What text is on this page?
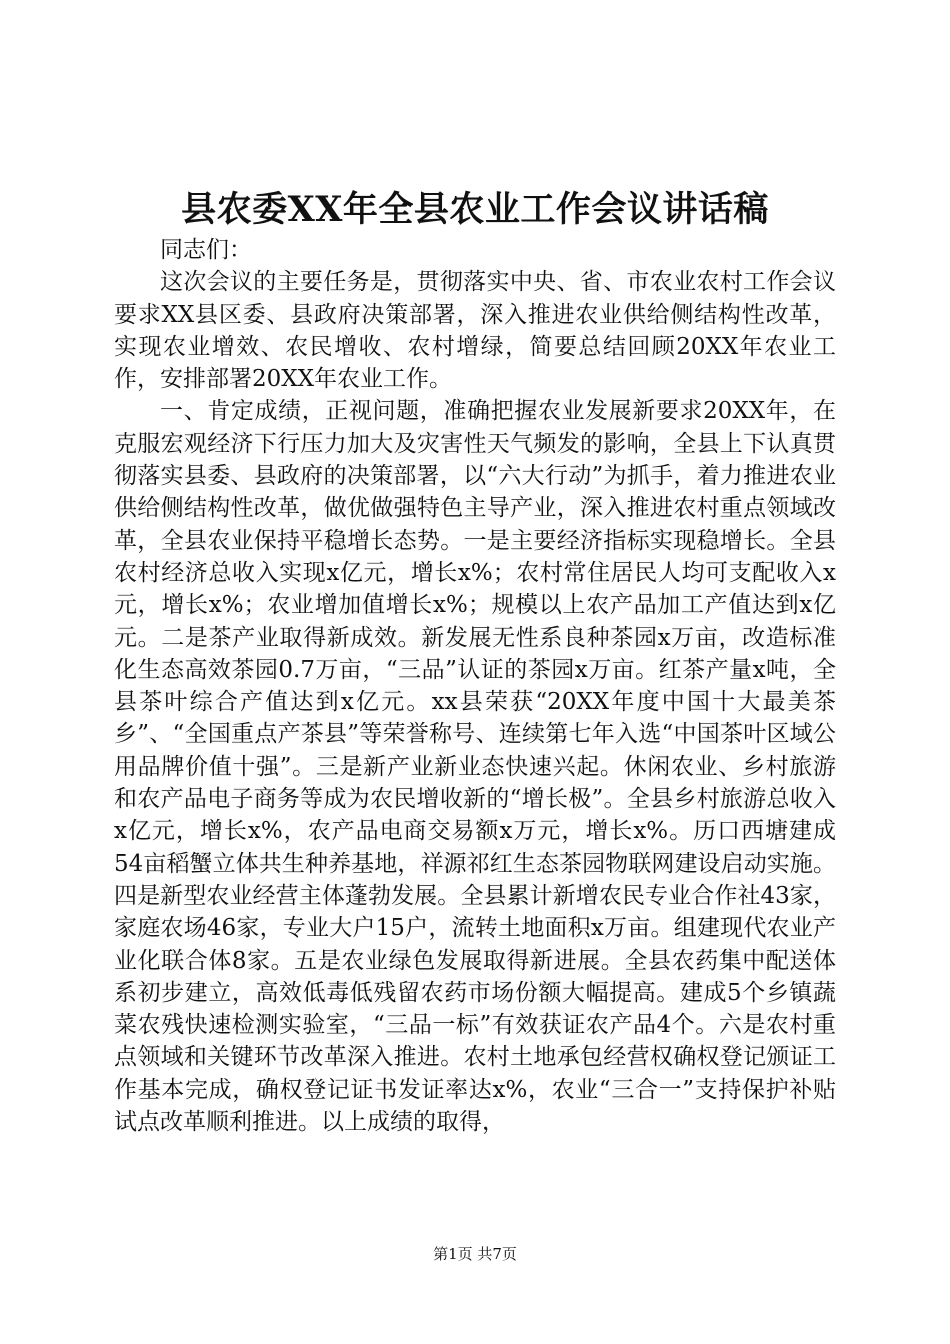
县农委XX年全县农业工作会议讲话稿

同志们：

这次会议的主要任务是，贯彻落实中央、省、市农业农村工作会议要求XX县区委、县政府决策部署，深入推进农业供给侧结构性改革，实现农业增效、农民增收、农村增绿，简要总结回顾20XX年农业工作，安排部署20XX年农业工作。

一、肯定成绩，正视问题，准确把握农业发展新要求20XX年，在克服宏观经济下行压力加大及灾害性天气频发的影响，全县上下认真贯彻落实县委、县政府的决策部署，以“六大行动”为抓手，着力推进农业供给侧结构性改革，做优做强特色主导产业，深入推进农村重点领域改革，全县农业保持平稳增长态势。一是主要经济指标实现稳增长。全县农村经济总收入实现x亿元，增长x%；农村常住居民人均可支配收入x元，增长x%；农业增加值增长x%；规模以上农产品加工产值达到x亿元。二是茶产业取得新成效。新发展无性系良种茶园x万亩，改造标准化生态高效茶园0.7万亩，“三品”认证的茶园x万亩。红茶产量x吨，全县茶叶综合产值达到x亿元。xx县荣获“20XX年度中国十大最美茶乡”、“全国重点产茶县”等荣誉称号、连续第七年入选“中国茶叶区域公用品牌价值十强”。三是新产业新业态快速兴起。休闲农业、乡村旅游和农产品电子商务等成为农民增收新的“增长极”。全县乡村旅游总收入x亿元，增长x%，农产品电商交易额x万元，增长x%。历口西塘建成54亩稻蟹立体共生种养基地，祥源祁红生态茶园物联网建设启动实施。四是新型农业经营主体蓬勃发展。全县累计新增农民专业合作社43家，家庭农场46家，专业大户15户，流转土地面积x万亩。组建现代农业产业化联合体8家。五是农业绿色发展取得新进展。全县农药集中配送体系初步建立，高效低毒低残留农药市场份额大幅提高。建成5个乡镇蔬菜农残快速检测实验室，“三品一标”有效获证农产品4个。六是农村重点领域和关键环节改革深入推进。农村土地承包经营权确权登记颁证工作基本完成，确权登记证书发证率达x%，农业“三合一”支持保护补贴试点改革顺利推进。以上成绩的取得，

第1页 共7页
